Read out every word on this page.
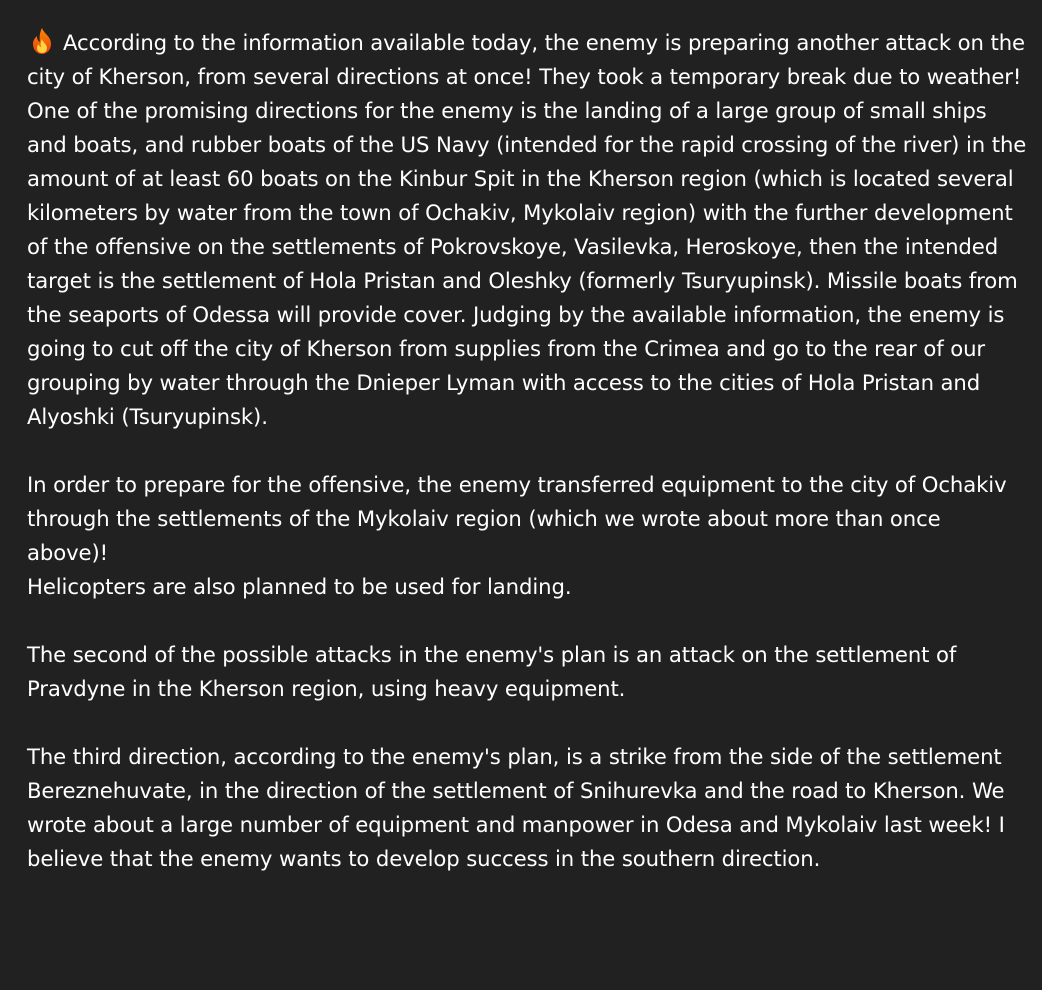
According to the information available today, the enemy is preparing another attack on the city of Kherson, from several directions at once! They took a temporary break due to weather! One of the promising directions for the enemy is the landing of a large group of small ships and boats, and rubber boats of the US Navy (intended for the rapid crossing of the river) in the amount of at least 60 boats on the Kinbur Spit in the Kherson region (which is located several kilometers by water from the town of Ochakiv, Mykolaiv region) with the further development of the offensive on the settlements of Pokrovskoye, Vasilevka, Heroskoye, then the intended target is the settlement of Hola Pristan and Oleshky (formerly Tsuryupinsk). Missile boats from the seaports of Odessa will provide cover. Judging by the available information, the enemy is going to cut off the city of Kherson from supplies from the Crimea and go to the rear of our grouping by water through the Dnieper Lyman with access to the cities of Hola Pristan and Alyoshki (Tsuryupinsk).

In order to prepare for the offensive, the enemy transferred equipment to the city of Ochakiv through the settlements of the Mykolaiv region (which we wrote about more than once above)!

Helicopters are also planned to be used for landing.

The second of the possible attacks in the enemy's plan is an attack on the settlement of Pravdyne in the Kherson region, using heavy equipment.

The third direction, according to the enemy's plan, is a strike from the side of the settlement Bereznehuvate, in the direction of the settlement of Snihurevka and the road to Kherson. We wrote about a large number of equipment and manpower in Odesa and Mykolaiv last week! I believe that the enemy wants to develop success in the southern direction.
